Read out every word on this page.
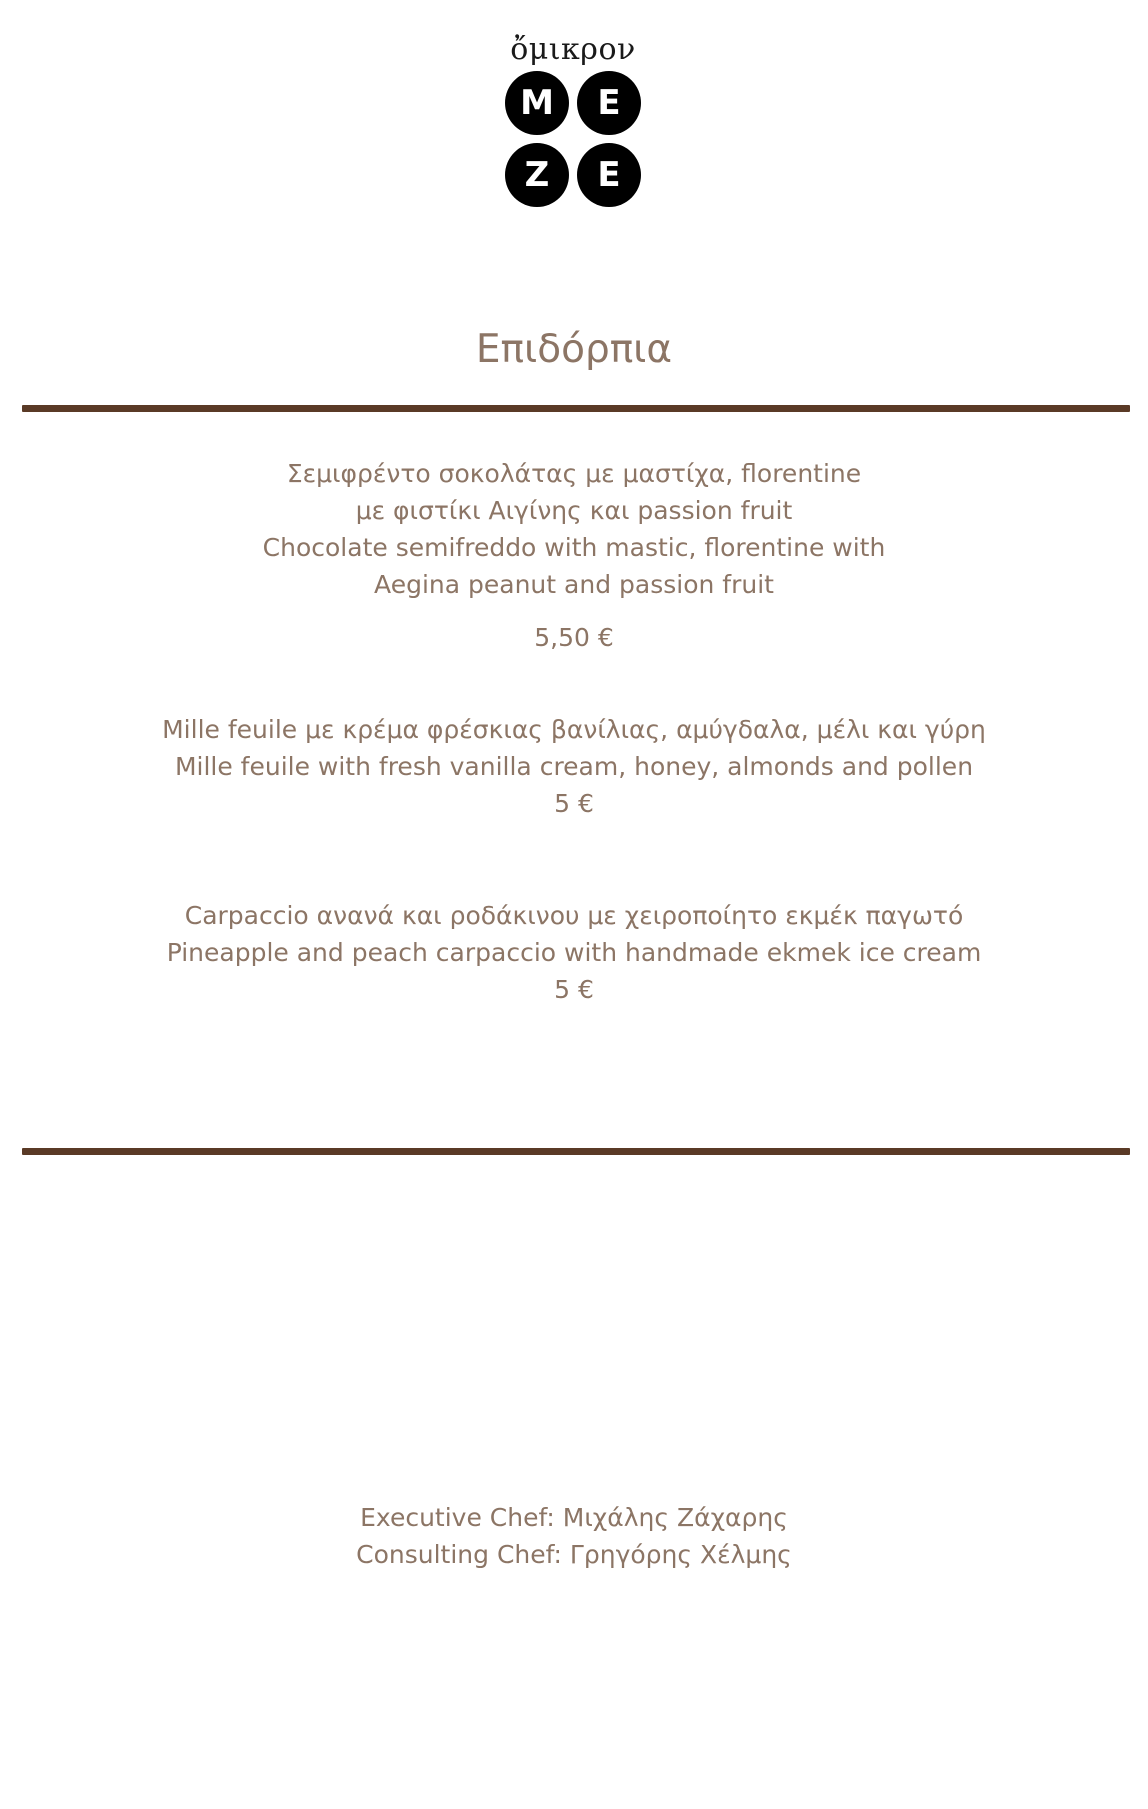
ὄμικρον
M	E
Z	E
Επιδόρπια
Σεμιφρέντο σοκολάτας με μαστίχα, florentine
με φιστίκι Αιγίνης και passion fruit
Chocolate semifreddo with mastic, florentine with
Aegina peanut and passion fruit
5,50 €
Mille feuile με κρέμα φρέσκιας βανίλιας, αμύγδαλα, μέλι και γύρη
Mille feuile with fresh vanilla cream, honey, almonds and pollen
5 €
Carpaccio ανανά και ροδάκινου με χειροποίητο εκμέκ παγωτό
Pineapple and peach carpaccio with handmade ekmek ice cream
5 €
Executive Chef: Μιχάλης Ζάχαρης
Consulting Chef: Γρηγόρης Χέλμης
